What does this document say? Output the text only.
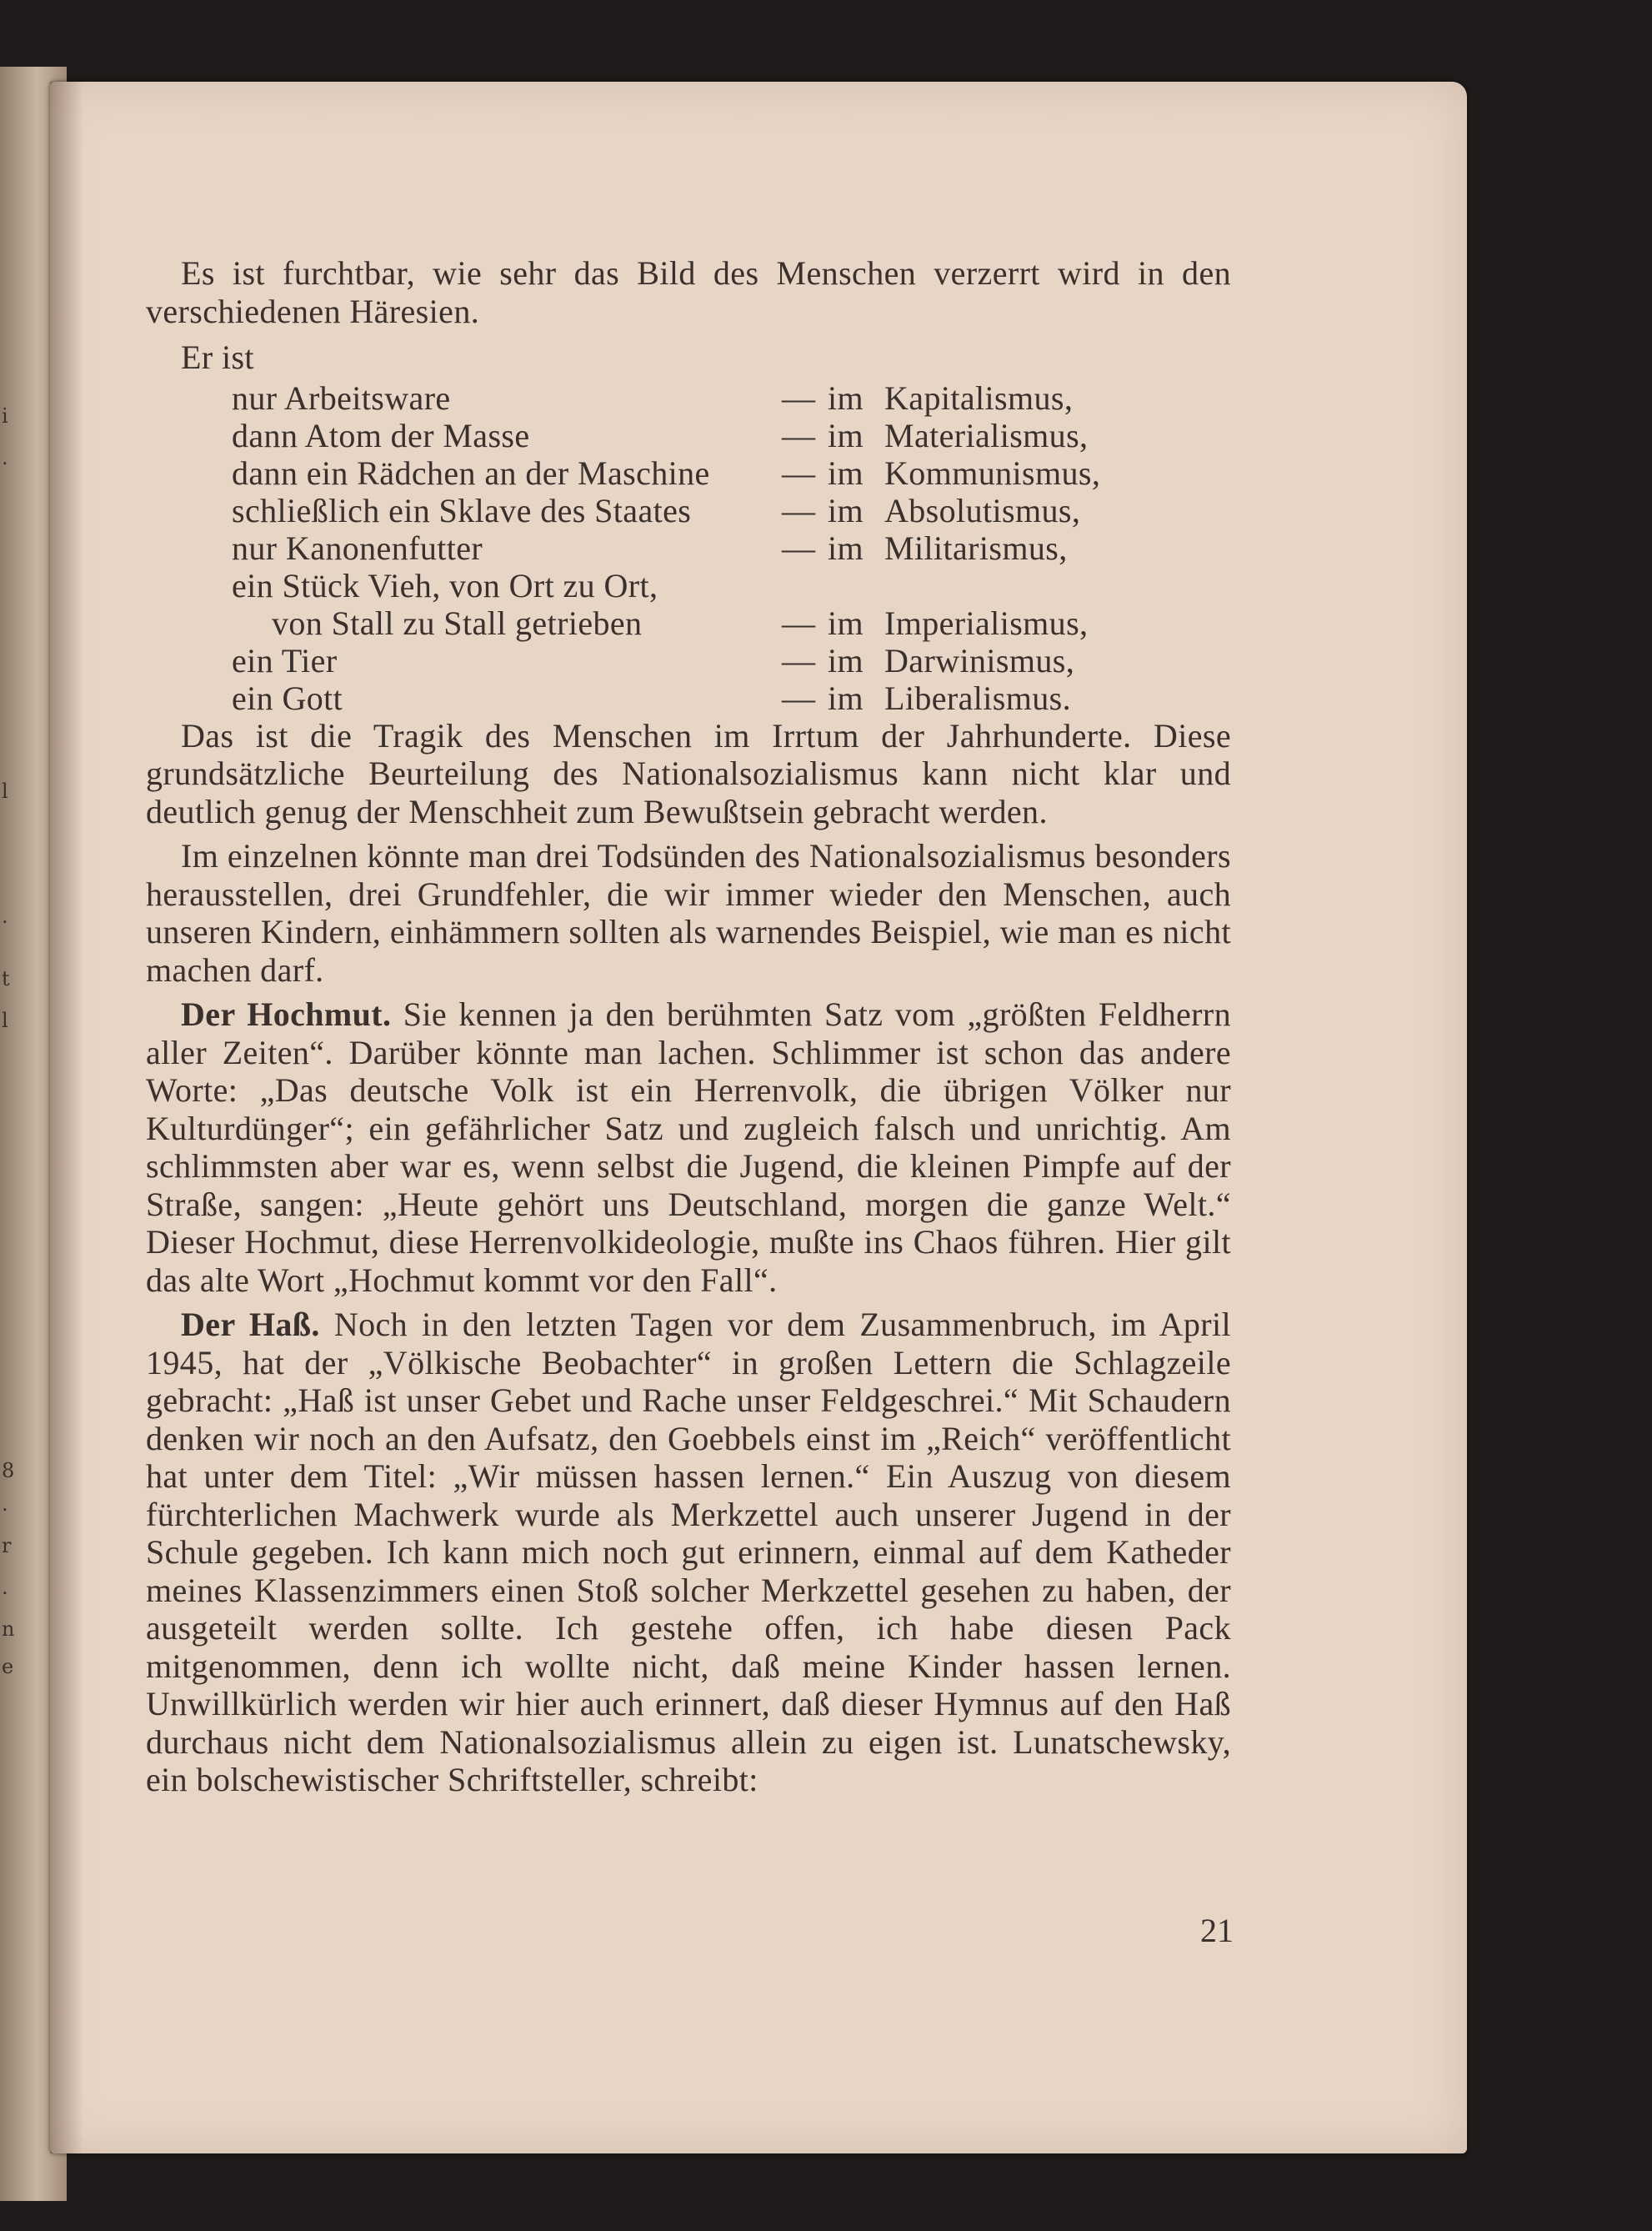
i
.
l
.
t
l
8
.
r
.
n
e

Es ist furchtbar, wie sehr das Bild des Menschen verzerrt wird in den verschiedenen Häresien.

Er ist

nur Arbeitsware	— im Kapitalismus,
dann Atom der Masse	— im Materialismus,
dann ein Rädchen an der Maschine	— im Kommunismus,
schließlich ein Sklave des Staates	— im Absolutismus,
nur Kanonenfutter	— im Militarismus,
ein Stück Vieh, von Ort zu Ort,
von Stall zu Stall getrieben	— im Imperialismus,
ein Tier	— im Darwinismus,
ein Gott	— im Liberalismus.

Das ist die Tragik des Menschen im Irrtum der Jahrhunderte. Diese grundsätzliche Beurteilung des Nationalsozialismus kann nicht klar und deutlich genug der Menschheit zum Bewußtsein gebracht werden.

Im einzelnen könnte man drei Todsünden des Nationalsozialismus besonders herausstellen, drei Grundfehler, die wir immer wieder den Menschen, auch unseren Kindern, einhämmern sollten als warnendes Beispiel, wie man es nicht machen darf.

Der Hochmut. Sie kennen ja den berühmten Satz vom „größten Feldherrn aller Zeiten“. Darüber könnte man lachen. Schlimmer ist schon das andere Worte: „Das deutsche Volk ist ein Herrenvolk, die übrigen Völker nur Kulturdünger“; ein gefährlicher Satz und zugleich falsch und unrichtig. Am schlimmsten aber war es, wenn selbst die Jugend, die kleinen Pimpfe auf der Straße, sangen: „Heute gehört uns Deutschland, morgen die ganze Welt.“ Dieser Hochmut, diese Herrenvolkideologie, mußte ins Chaos führen. Hier gilt das alte Wort „Hochmut kommt vor den Fall“.

Der Haß. Noch in den letzten Tagen vor dem Zusammenbruch, im April 1945, hat der „Völkische Beobachter“ in großen Lettern die Schlagzeile gebracht: „Haß ist unser Gebet und Rache unser Feldgeschrei.“ Mit Schaudern denken wir noch an den Aufsatz, den Goebbels einst im „Reich“ veröffentlicht hat unter dem Titel: „Wir müssen hassen lernen.“ Ein Auszug von diesem fürchterlichen Machwerk wurde als Merkzettel auch unserer Jugend in der Schule gegeben. Ich kann mich noch gut erinnern, einmal auf dem Katheder meines Klassenzimmers einen Stoß solcher Merkzettel gesehen zu haben, der ausgeteilt werden sollte. Ich gestehe offen, ich habe diesen Pack mitgenommen, denn ich wollte nicht, daß meine Kinder hassen lernen. Unwillkürlich werden wir hier auch erinnert, daß dieser Hymnus auf den Haß durchaus nicht dem Nationalsozialismus allein zu eigen ist. Lunatschewsky, ein bolschewistischer Schriftsteller, schreibt:

21
